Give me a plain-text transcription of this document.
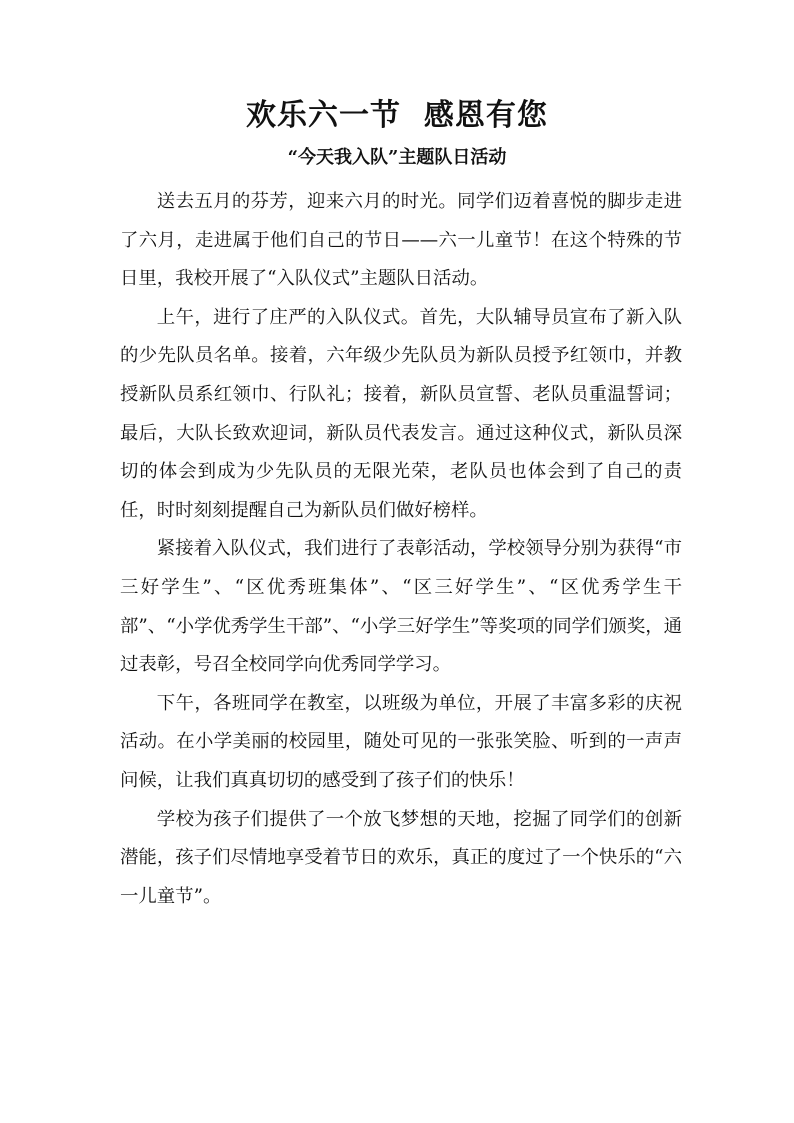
欢乐六一节  感恩有您
“今天我入队”主题队日活动

送去五月的芬芳，迎来六月的时光。同学们迈着喜悦的脚步走进了六月，走进属于他们自己的节日——六一儿童节！在这个特殊的节日里，我校开展了“入队仪式”主题队日活动。

上午，进行了庄严的入队仪式。首先，大队辅导员宣布了新入队的少先队员名单。接着，六年级少先队员为新队员授予红领巾，并教授新队员系红领巾、行队礼；接着，新队员宣誓、老队员重温誓词；最后，大队长致欢迎词，新队员代表发言。通过这种仪式，新队员深切的体会到成为少先队员的无限光荣，老队员也体会到了自己的责任，时时刻刻提醒自己为新队员们做好榜样。

紧接着入队仪式，我们进行了表彰活动，学校领导分别为获得“市三好学生”、“区优秀班集体”、“区三好学生”、“区优秀学生干部”、“小学优秀学生干部”、“小学三好学生”等奖项的同学们颁奖，通过表彰，号召全校同学向优秀同学学习。

下午，各班同学在教室，以班级为单位，开展了丰富多彩的庆祝活动。在小学美丽的校园里，随处可见的一张张笑脸、听到的一声声问候，让我们真真切切的感受到了孩子们的快乐！

学校为孩子们提供了一个放飞梦想的天地，挖掘了同学们的创新潜能，孩子们尽情地享受着节日的欢乐，真正的度过了一个快乐的“六一儿童节”。
